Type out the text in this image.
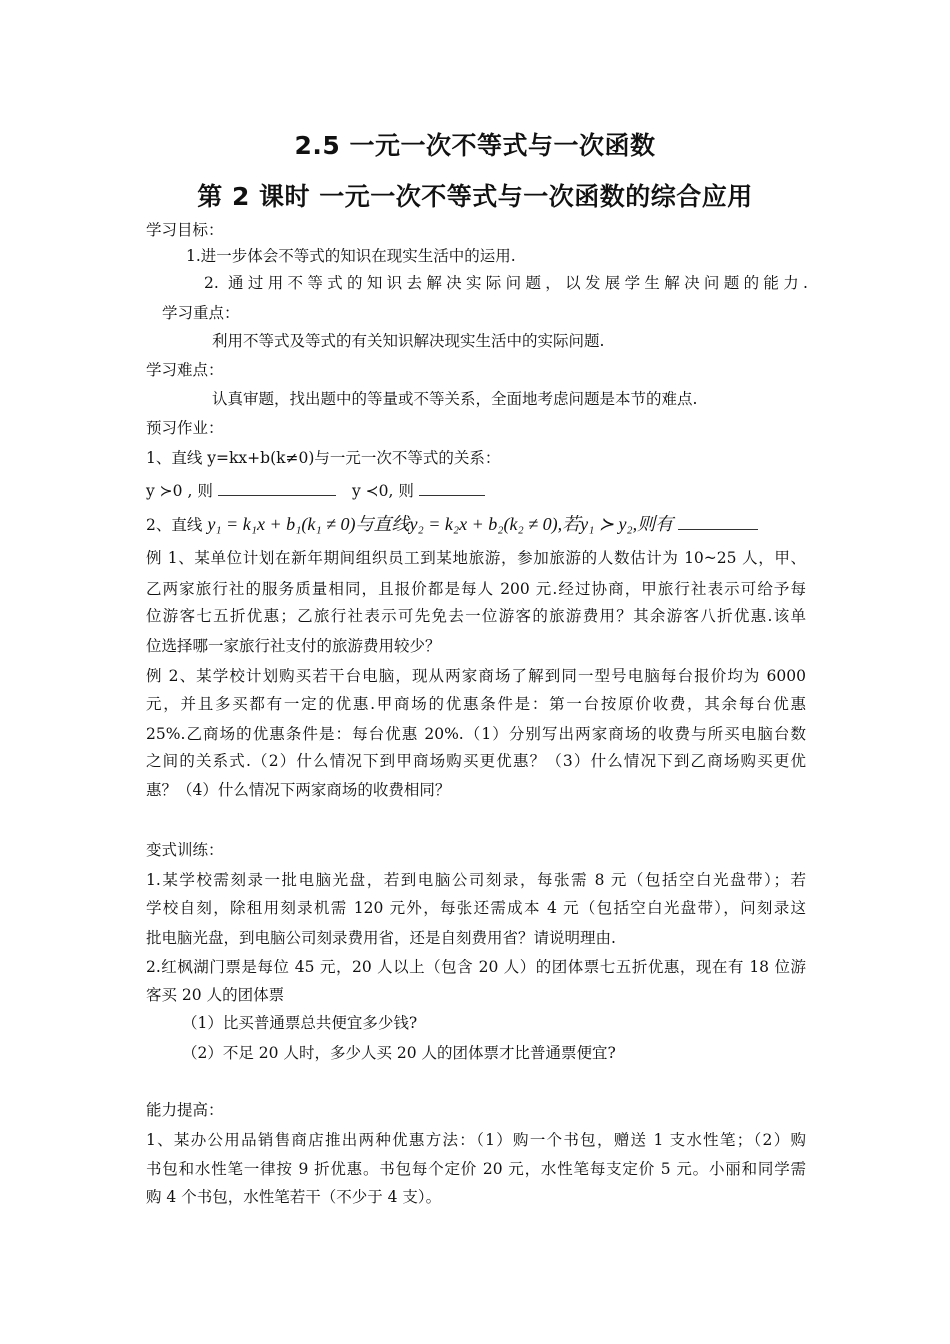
2.5 一元一次不等式与一次函数
第 2 课时 一元一次不等式与一次函数的综合应用
学习目标：
1.进一步体会不等式的知识在现实生活中的运用.
2. 通过用不等式的知识去解决实际问题，以发展学生解决问题的能力.
学习重点：
利用不等式及等式的有关知识解决现实生活中的实际问题.
学习难点：
认真审题，找出题中的等量或不等关系，全面地考虑问题是本节的难点.
预习作业：
1、直线 y=kx+b(k≠0)与一元一次不等式的关系：
y ≻0 , 则	y ≺0, 则
2、直线 y₁ = k₁x + b₁(k₁ ≠ 0)与直线y₂ = k₂x + b₂(k₂ ≠ 0),若y₁ ≻ y₂,则有
例 1、某单位计划在新年期间组织员工到某地旅游，参加旅游的人数估计为 10~25 人，甲、
乙两家旅行社的服务质量相同，且报价都是每人 200 元.经过协商，甲旅行社表示可给予每
位游客七五折优惠；乙旅行社表示可先免去一位游客的旅游费用？其余游客八折优惠.该单
位选择哪一家旅行社支付的旅游费用较少？
例 2、某学校计划购买若干台电脑，现从两家商场了解到同一型号电脑每台报价均为 6000
元，并且多买都有一定的优惠.甲商场的优惠条件是：第一台按原价收费，其余每台优惠
25%.乙商场的优惠条件是：每台优惠 20%.（1）分别写出两家商场的收费与所买电脑台数
之间的关系式.（2）什么情况下到甲商场购买更优惠？（3）什么情况下到乙商场购买更优
惠？（4）什么情况下两家商场的收费相同？
变式训练：
1.某学校需刻录一批电脑光盘，若到电脑公司刻录，每张需 8 元（包括空白光盘带）；若
学校自刻，除租用刻录机需 120 元外，每张还需成本 4 元（包括空白光盘带），问刻录这
批电脑光盘，到电脑公司刻录费用省，还是自刻费用省？请说明理由.
2.红枫湖门票是每位 45 元，20 人以上（包含 20 人）的团体票七五折优惠，现在有 18 位游
客买 20 人的团体票
（1）比买普通票总共便宜多少钱?
（2）不足 20 人时，多少人买 20 人的团体票才比普通票便宜?
能力提高：
1、某办公用品销售商店推出两种优惠方法：（1）购一个书包，赠送 1 支水性笔；（2）购
书包和水性笔一律按 9 折优惠。书包每个定价 20 元，水性笔每支定价 5 元。小丽和同学需
购 4 个书包，水性笔若干（不少于 4 支）。
